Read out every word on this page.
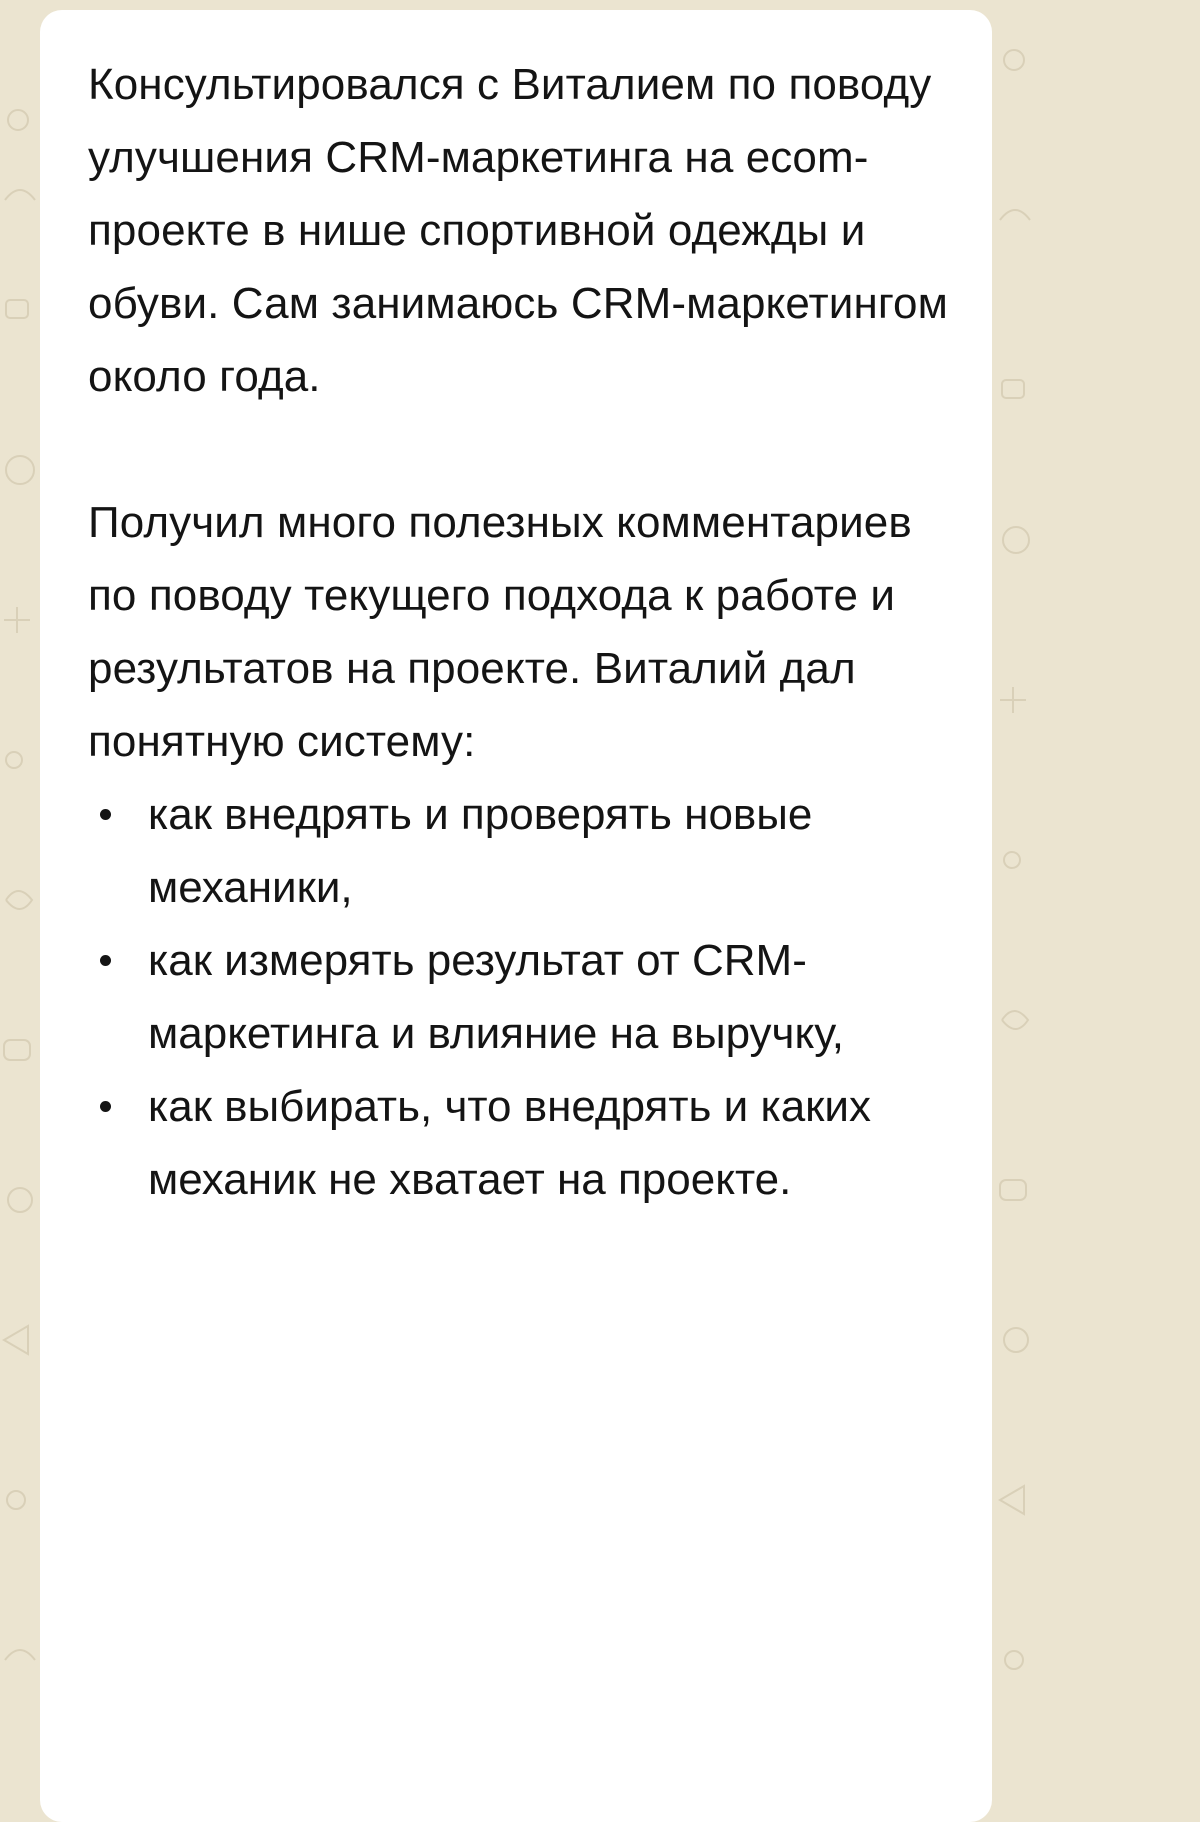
Консультировался с Виталием по поводу улучшения CRM-маркетинга на ecom-проекте в нише спортивной одежды и обуви. Сам занимаюсь CRM-маркетингом около года.

Получил много полезных комментариев по поводу текущего подхода к работе и результатов на проекте. Виталий дал понятную систему:

как внедрять и проверять новые механики,
как измерять результат от CRM-маркетинга и влияние на выручку,
как выбирать, что внедрять и каких механик не хватает на проекте.
